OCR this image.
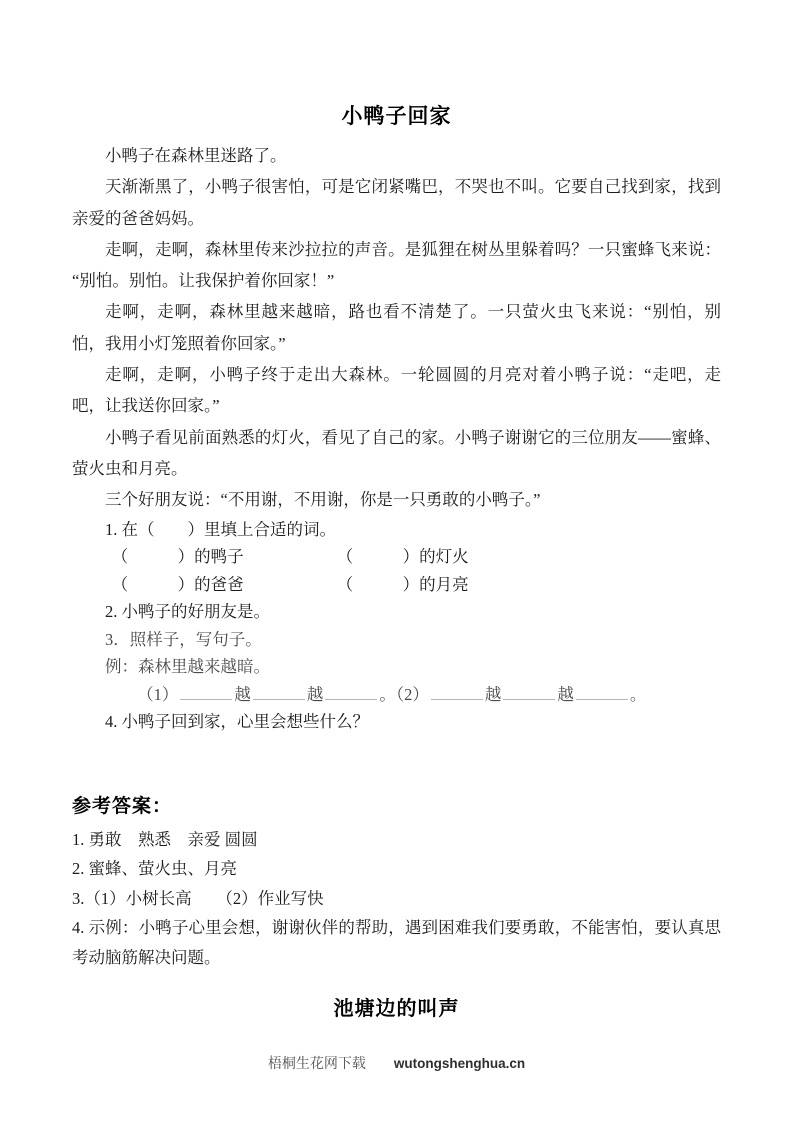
小鸭子回家

小鸭子在森林里迷路了。

天渐渐黑了，小鸭子很害怕，可是它闭紧嘴巴，不哭也不叫。它要自己找到家，找到亲爱的爸爸妈妈。

走啊，走啊，森林里传来沙拉拉的声音。是狐狸在树丛里躲着吗？一只蜜蜂飞来说：“别怕。别怕。让我保护着你回家！”

走啊，走啊，森林里越来越暗，路也看不清楚了。一只萤火虫飞来说：“别怕，别怕，我用小灯笼照着你回家。”

走啊，走啊，小鸭子终于走出大森林。一轮圆圆的月亮对着小鸭子说：“走吧，走吧，让我送你回家。”

小鸭子看见前面熟悉的灯火，看见了自己的家。小鸭子谢谢它的三位朋友——蜜蜂、萤火虫和月亮。

三个好朋友说：“不用谢，不用谢，你是一只勇敢的小鸭子。”

1. 在（　　）里填上合适的词。

（　　　）的鸭子	（　　　）的灯火
（　　　）的爸爸	（　　　）的月亮

2. 小鸭子的好朋友是。

3．照样子，写句子。

例：森林里越来越暗。

（1）	越	越	。（2）	越	越	。

4. 小鸭子回到家，心里会想些什么？

参考答案：

1. 勇敢　熟悉　亲爱 圆圆

2. 蜜蜂、萤火虫、月亮

3.（1）小树长高　　（2）作业写快

4. 示例：小鸭子心里会想，谢谢伙伴的帮助，遇到困难我们要勇敢，不能害怕，要认真思考动脑筋解决问题。

池塘边的叫声
梧桐生花网下载 wutongshenghua.cn
